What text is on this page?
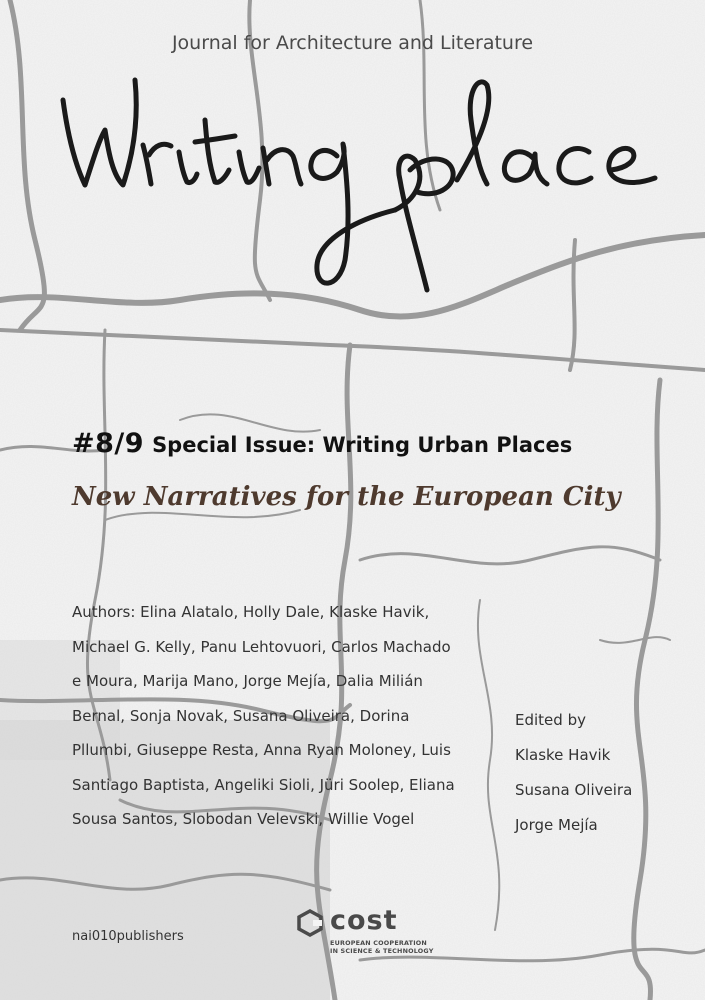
Journal for Architecture and Literature
#8/9 Special Issue: Writing Urban Places
New Narratives for the European City
Authors: Elina Alatalo, Holly Dale, Klaske Havik,
Michael G. Kelly, Panu Lehtovuori, Carlos Machado
e Moura, Marija Mano, Jorge Mejía, Dalia Milián
Bernal, Sonja Novak, Susana Oliveira, Dorina
Pllumbi, Giuseppe Resta, Anna Ryan Moloney, Luis
Santiago Baptista, Angeliki Sioli, Jüri Soolep, Eliana
Sousa Santos, Slobodan Velevski, Willie Vogel
Edited by
Klaske Havik
Susana Oliveira
Jorge Mejía
nai010publishers
cost
EUROPEAN COOPERATION
IN SCIENCE & TECHNOLOGY
